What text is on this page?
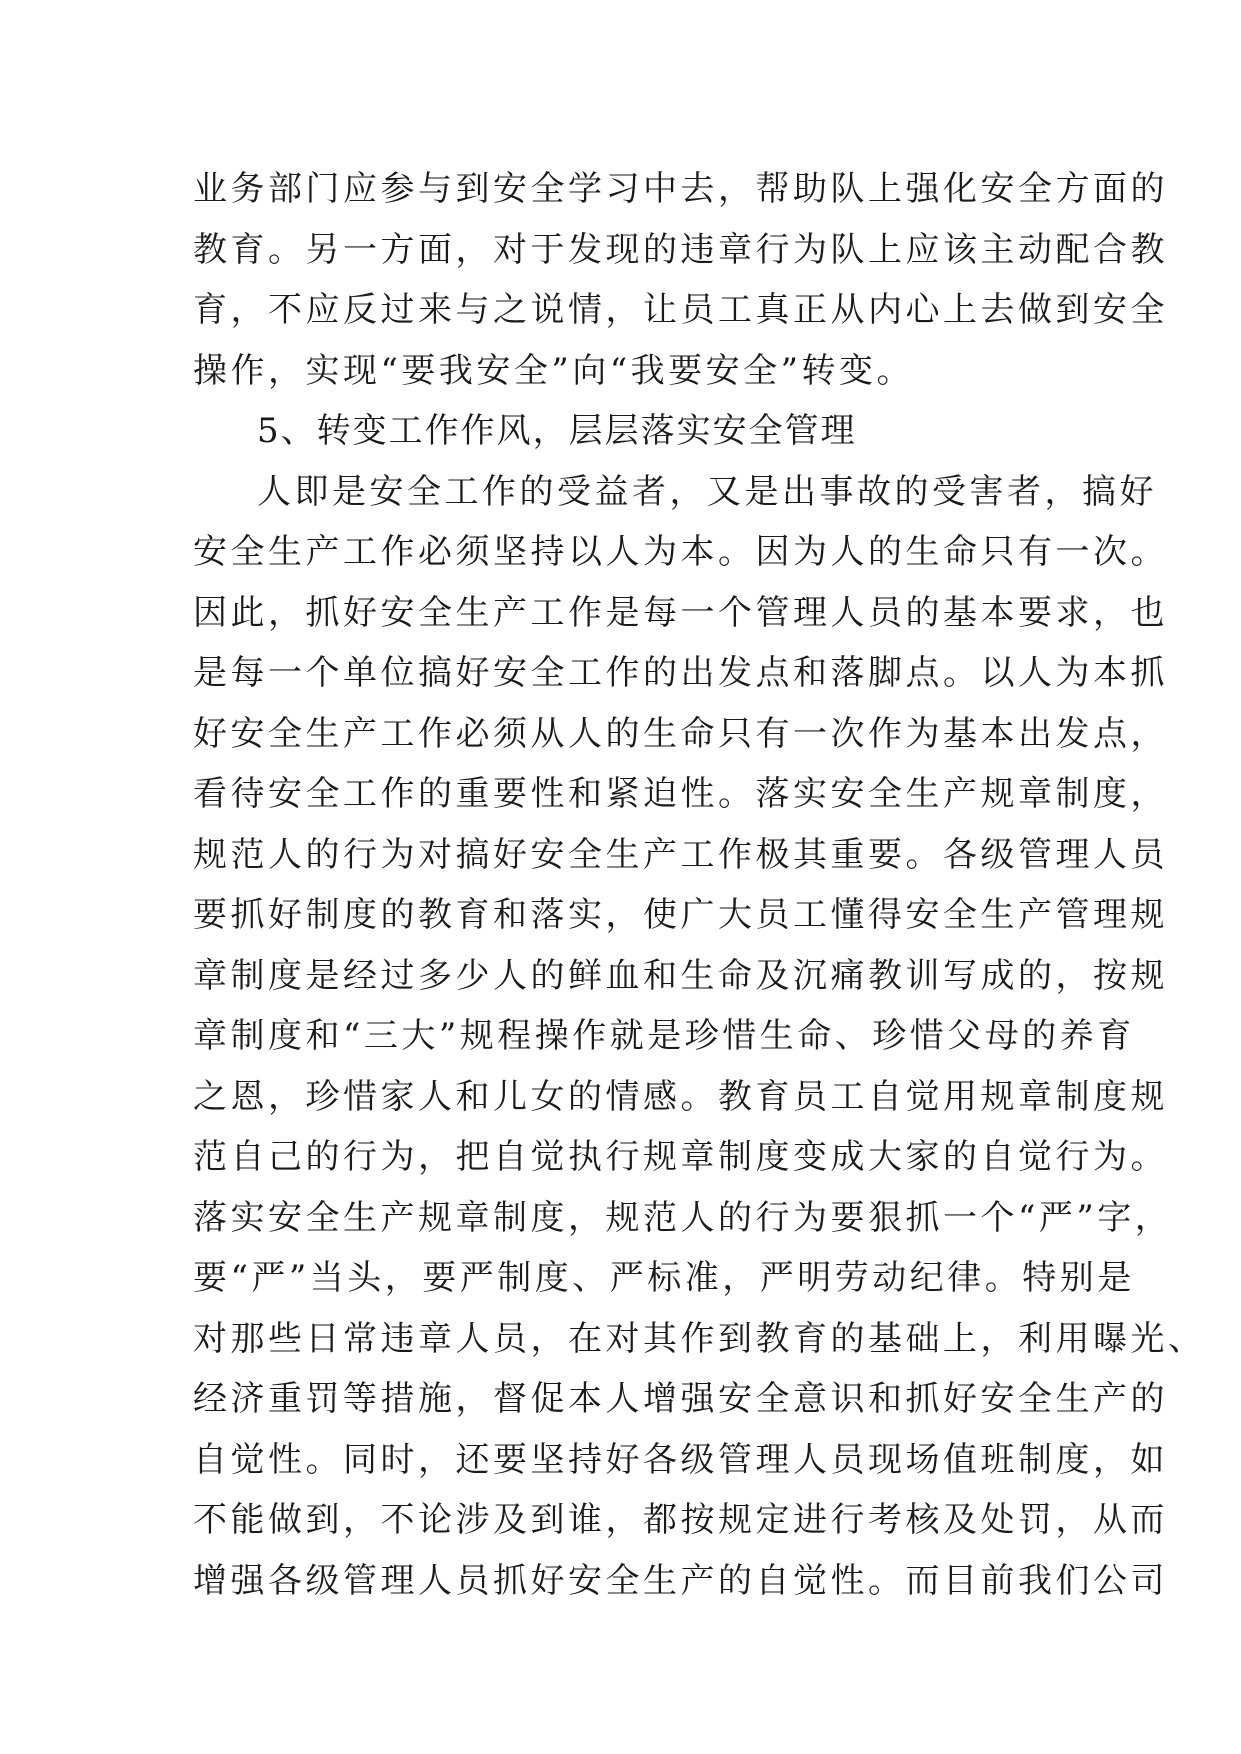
业务部门应参与到安全学习中去，帮助队上强化安全方面的
教育。另一方面，对于发现的违章行为队上应该主动配合教
育，不应反过来与之说情，让员工真正从内心上去做到安全
操作，实现“要我安全”向“我要安全”转变。
5、转变工作作风，层层落实安全管理
人即是安全工作的受益者，又是出事故的受害者，搞好
安全生产工作必须坚持以人为本。因为人的生命只有一次。
因此，抓好安全生产工作是每一个管理人员的基本要求，也
是每一个单位搞好安全工作的出发点和落脚点。以人为本抓
好安全生产工作必须从人的生命只有一次作为基本出发点，
看待安全工作的重要性和紧迫性。落实安全生产规章制度，
规范人的行为对搞好安全生产工作极其重要。各级管理人员
要抓好制度的教育和落实，使广大员工懂得安全生产管理规
章制度是经过多少人的鲜血和生命及沉痛教训写成的，按规
章制度和“三大”规程操作就是珍惜生命、珍惜父母的养育
之恩，珍惜家人和儿女的情感。教育员工自觉用规章制度规
范自己的行为，把自觉执行规章制度变成大家的自觉行为。
落实安全生产规章制度，规范人的行为要狠抓一个“严”字，
要“严”当头，要严制度、严标准，严明劳动纪律。特别是
对那些日常违章人员，在对其作到教育的基础上，利用曝光、
经济重罚等措施，督促本人增强安全意识和抓好安全生产的
自觉性。同时，还要坚持好各级管理人员现场值班制度，如
不能做到，不论涉及到谁，都按规定进行考核及处罚，从而
增强各级管理人员抓好安全生产的自觉性。而目前我们公司
